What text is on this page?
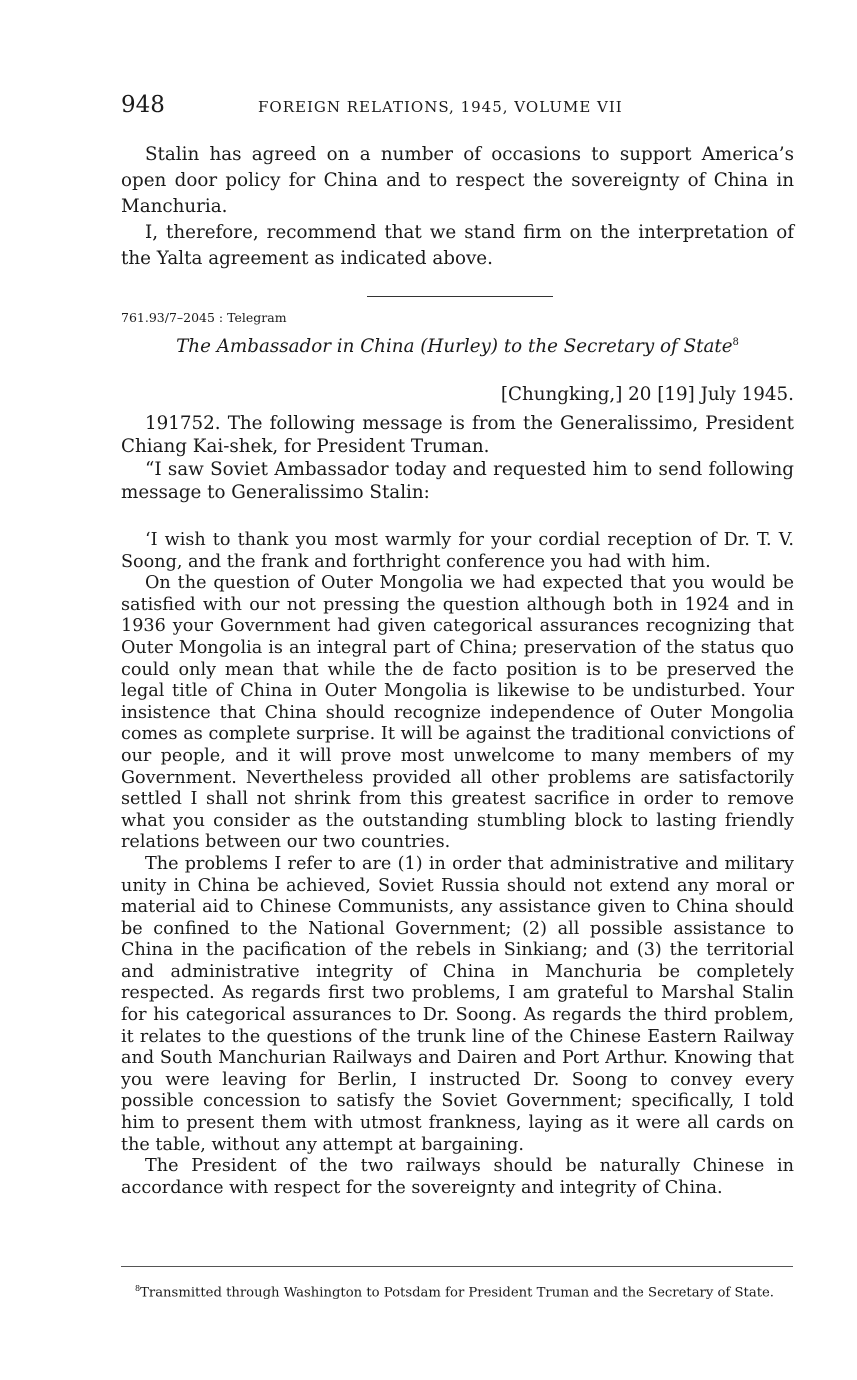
948	FOREIGN RELATIONS, 1945, VOLUME VII

Stalin has agreed on a number of occasions to support America’s open door policy for China and to respect the sovereignty of China in Manchuria.

I, therefore, recommend that we stand firm on the interpretation of the Yalta agreement as indicated above.

761.93/7–2045 : Telegram
The Ambassador in China (Hurley) to the Secretary of State$^8$
[Chungking,] 20 [19] July 1945.

191752. The following message is from the Generalissimo, President Chiang Kai-shek, for President Truman.

“I saw Soviet Ambassador today and requested him to send following message to Generalissimo Stalin:

‘I wish to thank you most warmly for your cordial reception of Dr. T. V. Soong, and the frank and forthright conference you had with him.

On the question of Outer Mongolia we had expected that you would be satisfied with our not pressing the question although both in 1924 and in 1936 your Government had given categorical assurances recognizing that Outer Mongolia is an integral part of China; preservation of the status quo could only mean that while the de facto position is to be preserved the legal title of China in Outer Mongolia is likewise to be undisturbed. Your insistence that China should recognize independence of Outer Mongolia comes as complete surprise. It will be against the traditional convictions of our people, and it will prove most unwelcome to many members of my Government. Nevertheless provided all other problems are satisfactorily settled I shall not shrink from this greatest sacrifice in order to remove what you consider as the outstanding stumbling block to lasting friendly relations between our two countries.

The problems I refer to are (1) in order that administrative and military unity in China be achieved, Soviet Russia should not extend any moral or material aid to Chinese Communists, any assistance given to China should be confined to the National Government; (2) all possible assistance to China in the pacification of the rebels in Sinkiang; and (3) the territorial and administrative integrity of China in Manchuria be completely respected. As regards first two problems, I am grateful to Marshal Stalin for his categorical assurances to Dr. Soong. As regards the third problem, it relates to the questions of the trunk line of the Chinese Eastern Railway and South Manchurian Railways and Dairen and Port Arthur. Knowing that you were leaving for Berlin, I instructed Dr. Soong to convey every possible concession to satisfy the Soviet Government; specifically, I told him to present them with utmost frankness, laying as it were all cards on the table, without any attempt at bargaining.

The President of the two railways should be naturally Chinese in accordance with respect for the sovereignty and integrity of China.

$^8$Transmitted through Washington to Potsdam for President Truman and the Secretary of State.
